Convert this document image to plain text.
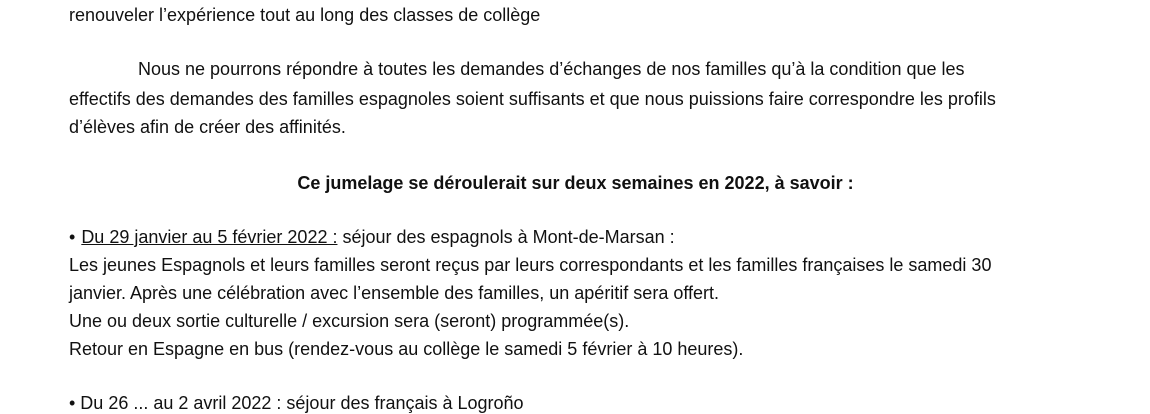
renouveler l’expérience tout au long des classes de collège
Nous ne pourrons répondre à toutes les demandes d’échanges de nos familles qu’à la condition que les
effectifs des demandes des familles espagnoles soient suffisants et que nous puissions faire correspondre les profils
d’élèves afin de créer des affinités.
Ce jumelage se déroulerait sur deux semaines en 2022, à savoir :
• Du 29 janvier au 5 février 2022 : séjour des espagnols à Mont-de-Marsan :
Les jeunes Espagnols et leurs familles seront reçus par leurs correspondants et les familles françaises le samedi 30
janvier. Après une célébration avec l’ensemble des familles, un apéritif sera offert.
Une ou deux sortie culturelle / excursion sera (seront) programmée(s).
Retour en Espagne en bus (rendez-vous au collège le samedi 5 février à 10 heures).
• Du 26 ... au 2 avril 2022 : séjour des français à Logroño
